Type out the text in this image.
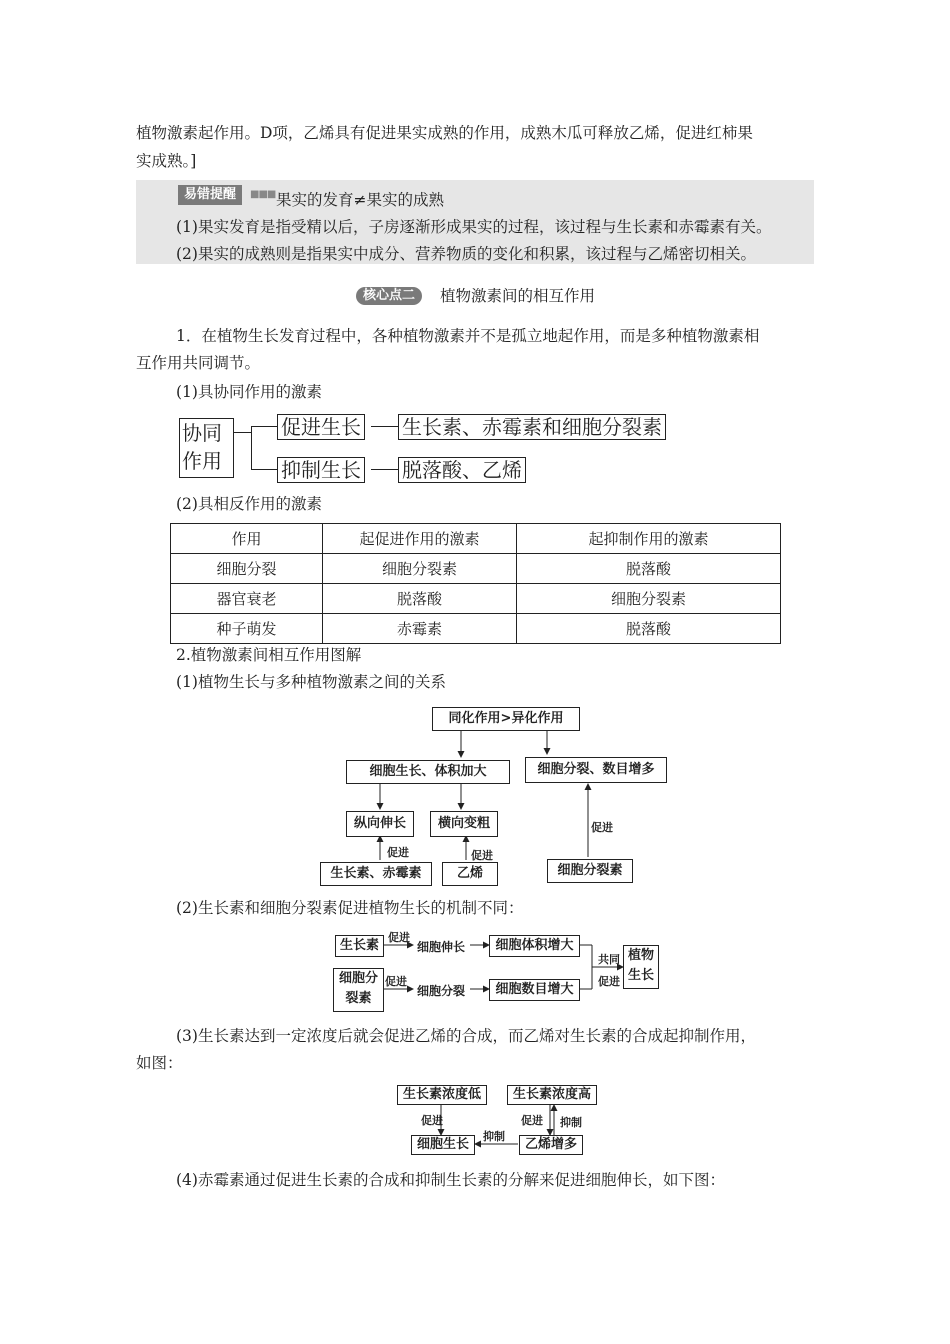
植物激素起作用。D项，乙烯具有促进果实成熟的作用，成熟木瓜可释放乙烯，促进红柿果
实成熟。]
易错提醒	■■■ 果实的发育≠果实的成熟
(1)果实发育是指受精以后，子房逐渐形成果实的过程，该过程与生长素和赤霉素有关。
(2)果实的成熟则是指果实中成分、营养物质的变化和积累，该过程与乙烯密切相关。
核心点二	植物激素间的相互作用
1．在植物生长发育过程中，各种植物激素并不是孤立地起作用，而是多种植物激素相
互作用共同调节。
(1)具协同作用的激素
协同
作用
促进生长 生长素、赤霉素和细胞分裂素
抑制生长 脱落酸、乙烯
(2)具相反作用的激素
作用	起促进作用的激素	起抑制作用的激素
细胞分裂	细胞分裂素	脱落酸
器官衰老	脱落酸	细胞分裂素
种子萌发	赤霉素	脱落酸
2.植物激素间相互作用图解
(1)植物生长与多种植物激素之间的关系
同化作用>异化作用
细胞生长、体积加大	细胞分裂、数目增多
纵向伸长	横向变粗
生长素、赤霉素	乙烯	细胞分裂素
促进	促进
促进
(2)生长素和细胞分裂素促进植物生长的机制不同：
生长素
促进
细胞伸长	细胞体积增大
细胞分
裂素
促进
细胞分裂	细胞数目增大
共同
促进
植物
生长
(3)生长素达到一定浓度后就会促进乙烯的合成，而乙烯对生长素的合成起抑制作用，
如图：
生长素浓度低	生长素浓度高
促进	促进 抑制
抑制
细胞生长	乙烯增多
(4)赤霉素通过促进生长素的合成和抑制生长素的分解来促进细胞伸长，如下图：
